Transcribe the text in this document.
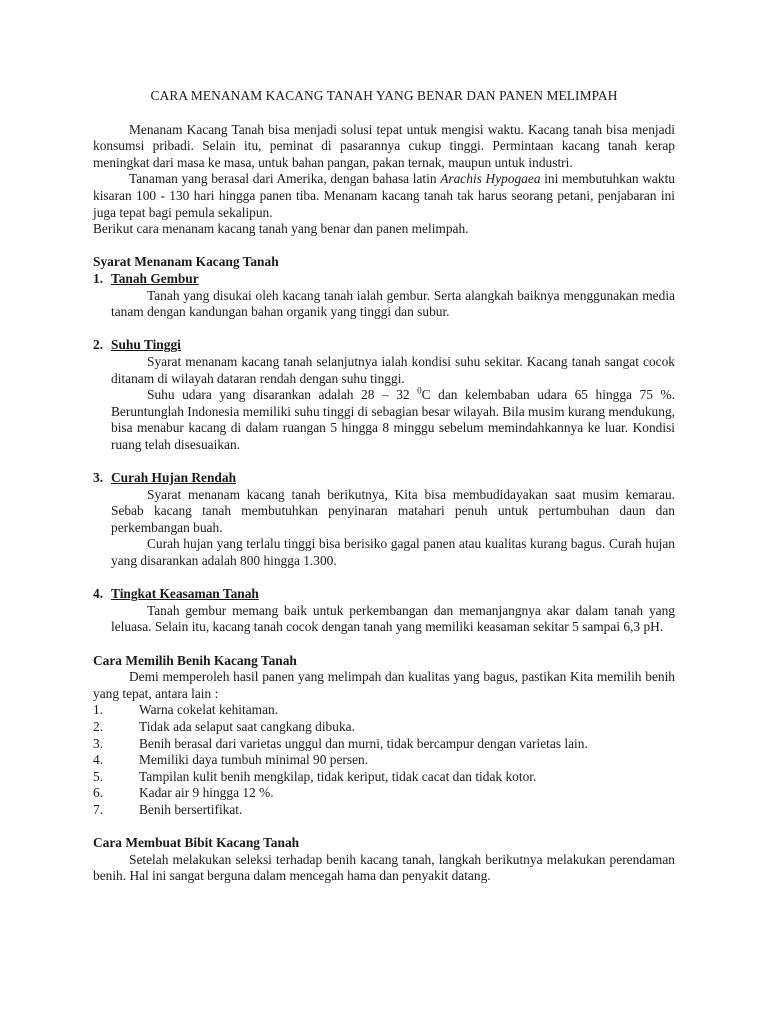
CARA MENANAM KACANG TANAH YANG BENAR DAN PANEN MELIMPAH

Menanam Kacang Tanah bisa menjadi solusi tepat untuk mengisi waktu. Kacang tanah bisa menjadi konsumsi pribadi. Selain itu, peminat di pasarannya cukup tinggi. Permintaan kacang tanah kerap meningkat dari masa ke masa, untuk bahan pangan, pakan ternak, maupun untuk industri.

Tanaman yang berasal dari Amerika, dengan bahasa latin Arachis Hypogaea ini membutuhkan waktu kisaran 100 - 130 hari hingga panen tiba. Menanam kacang tanah tak harus seorang petani, penjabaran ini juga tepat bagi pemula sekalipun.

Berikut cara menanam kacang tanah yang benar dan panen melimpah.

Syarat Menanam Kacang Tanah

1. Tanah Gembur

Tanah yang disukai oleh kacang tanah ialah gembur. Serta alangkah baiknya menggunakan media tanam dengan kandungan bahan organik yang tinggi dan subur.

2. Suhu Tinggi

Syarat menanam kacang tanah selanjutnya ialah kondisi suhu sekitar. Kacang tanah sangat cocok ditanam di wilayah dataran rendah dengan suhu tinggi.

Suhu udara yang disarankan adalah 28 – 32 $^0$C dan kelembaban udara 65 hingga 75 %. Beruntunglah Indonesia memiliki suhu tinggi di sebagian besar wilayah. Bila musim kurang mendukung, bisa menabur kacang di dalam ruangan 5 hingga 8 minggu sebelum memindahkannya ke luar. Kondisi ruang telah disesuaikan.

3. Curah Hujan Rendah

Syarat menanam kacang tanah berikutnya, Kita bisa membudidayakan saat musim kemarau. Sebab kacang tanah membutuhkan penyinaran matahari penuh untuk pertumbuhan daun dan perkembangan buah.

Curah hujan yang terlalu tinggi bisa berisiko gagal panen atau kualitas kurang bagus. Curah hujan yang disarankan adalah 800 hingga 1.300.

4. Tingkat Keasaman Tanah

Tanah gembur memang baik untuk perkembangan dan memanjangnya akar dalam tanah yang leluasa. Selain itu, kacang tanah cocok dengan tanah yang memiliki keasaman sekitar 5 sampai 6,3 pH.

Cara Memilih Benih Kacang Tanah

Demi memperoleh hasil panen yang melimpah dan kualitas yang bagus, pastikan Kita memilih benih yang tepat, antara lain :

1.	Warna cokelat kehitaman.
2.	Tidak ada selaput saat cangkang dibuka.
3.	Benih berasal dari varietas unggul dan murni, tidak bercampur dengan varietas lain.
4.	Memiliki daya tumbuh minimal 90 persen.
5.	Tampilan kulit benih mengkilap, tidak keriput, tidak cacat dan tidak kotor.
6.	Kadar air 9 hingga 12 %.
7.	Benih bersertifikat.

Cara Membuat Bibit Kacang Tanah

Setelah melakukan seleksi terhadap benih kacang tanah, langkah berikutnya melakukan perendaman benih. Hal ini sangat berguna dalam mencegah hama dan penyakit datang.
